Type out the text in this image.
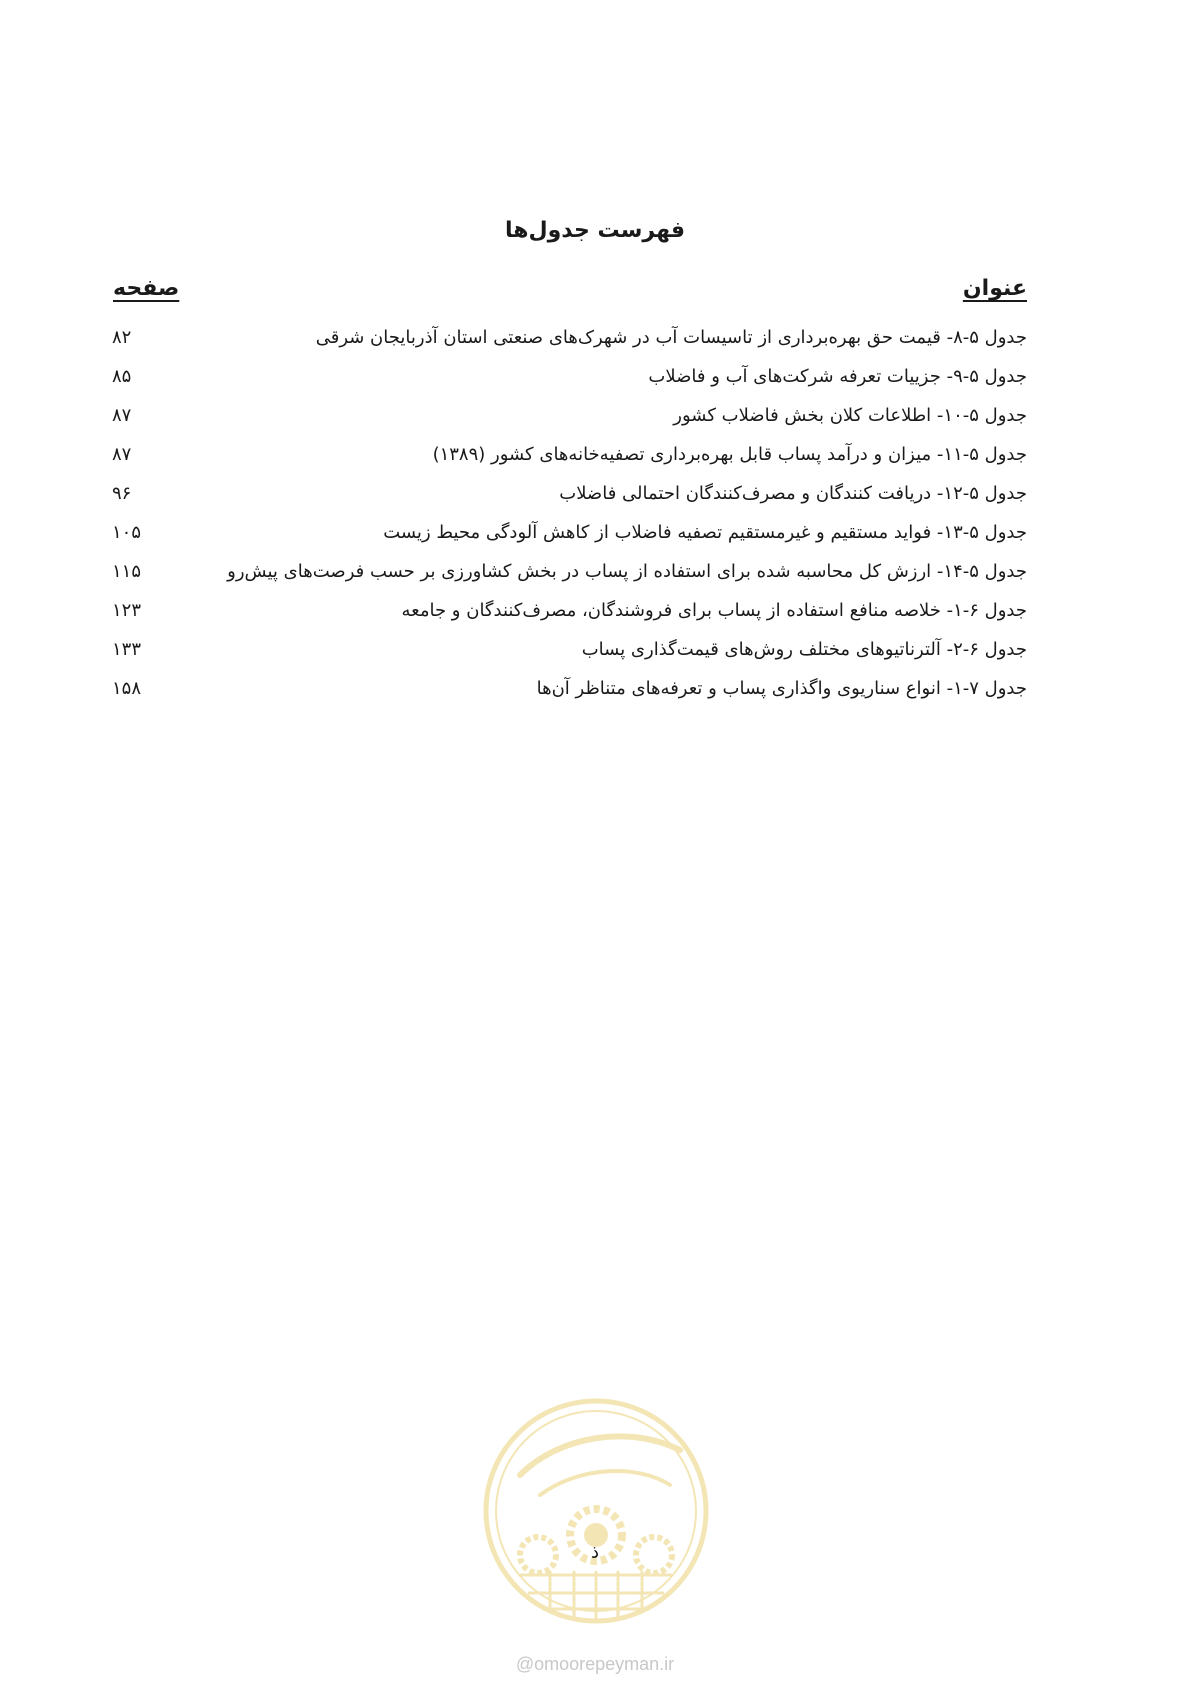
فهرست جدول‌ها
عنوان
صفحه
جدول ۵-۸- قیمت حق بهره‌برداری از تاسیسات آب در شهرک‌های صنعتی استان آذربایجان شرقی
۸۲
جدول ۵-۹- جزییات تعرفه شرکت‌های آب و فاضلاب
۸۵
جدول ۵-۱۰- اطلاعات کلان بخش فاضلاب کشور
۸۷
جدول ۵-۱۱- میزان و درآمد پساب قابل بهره‌برداری تصفیه‌خانه‌های کشور (۱۳۸۹)
۸۷
جدول ۵-۱۲- دریافت کنندگان و مصرف‌کنندگان احتمالی فاضلاب
۹۶
جدول ۵-۱۳- فواید مستقیم و غیرمستقیم تصفیه فاضلاب از کاهش آلودگی محیط زیست
۱۰۵
جدول ۵-۱۴- ارزش کل محاسبه شده برای استفاده از پساب در بخش کشاورزی بر حسب فرصت‌های پیش‌رو
۱۱۵
جدول ۶-۱- خلاصه منافع استفاده از پساب برای فروشندگان، مصرف‌کنندگان و جامعه
۱۲۳
جدول ۶-۲- آلترناتیوهای مختلف روش‌های قیمت‌گذاری پساب
۱۳۳
جدول ۷-۱- انواع سناریوی واگذاری پساب و تعرفه‌های متناظر آن‌ها
۱۵۸
ذ
@omoorepeyman.ir
